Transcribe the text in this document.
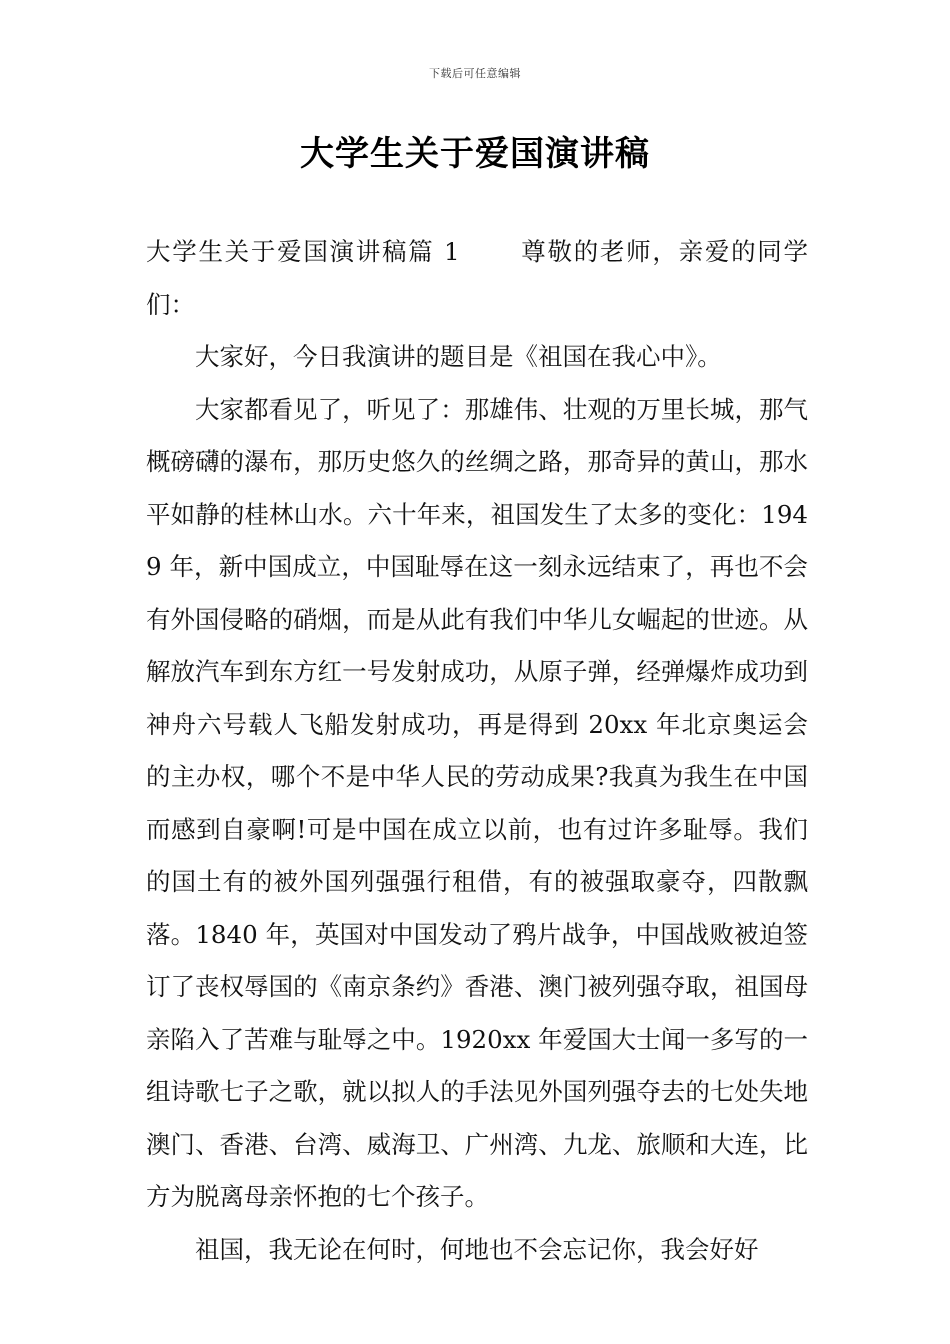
下载后可任意编辑
大学生关于爱国演讲稿

大学生关于爱国演讲稿篇 1 尊敬的老师，亲爱的同学们：

大家好，今日我演讲的题目是《祖国在我心中》。

大家都看见了，听见了：那雄伟、壮观的万里长城，那气概磅礴的瀑布，那历史悠久的丝绸之路，那奇异的黄山，那水平如静的桂林山水。六十年来，祖国发生了太多的变化：1949 年，新中国成立，中国耻辱在这一刻永远结束了，再也不会有外国侵略的硝烟，而是从此有我们中华儿女崛起的世迹。从解放汽车到东方红一号发射成功，从原子弹，经弹爆炸成功到神舟六号载人飞船发射成功，再是得到 20xx 年北京奥运会的主办权，哪个不是中华人民的劳动成果?我真为我生在中国而感到自豪啊!可是中国在成立以前，也有过许多耻辱。我们的国土有的被外国列强强行租借，有的被强取豪夺，四散飘落。1840 年，英国对中国发动了鸦片战争，中国战败被迫签订了丧权辱国的《南京条约》香港、澳门被列强夺取，祖国母亲陷入了苦难与耻辱之中。1920xx 年爱国大士闻一多写的一组诗歌七子之歌，就以拟人的手法见外国列强夺去的七处失地澳门、香港、台湾、威海卫、广州湾、九龙、旅顺和大连，比方为脱离母亲怀抱的七个孩子。

祖国，我无论在何时，何地也不会忘记你，我会好好
